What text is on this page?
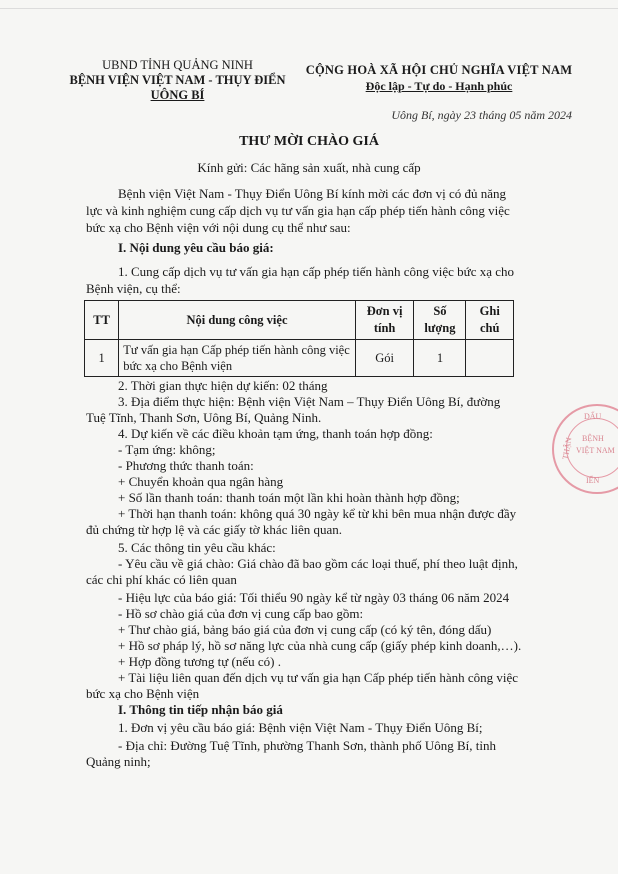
UBND TỈNH QUẢNG NINH
BỆNH VIỆN VIỆT NAM - THỤY ĐIỂN
UÔNG BÍ
CỘNG HOÀ XÃ HỘI CHỦ NGHĨA VIỆT NAM
Độc lập - Tự do - Hạnh phúc
Uông Bí, ngày 23 tháng 05 năm 2024
THƯ MỜI CHÀO GIÁ
Kính gửi: Các hãng sản xuất, nhà cung cấp
Bệnh viện Việt Nam - Thụy Điển Uông Bí kính mời các đơn vị có đủ năng
lực và kinh nghiệm cung cấp dịch vụ tư vấn gia hạn cấp phép tiến hành công việc
bức xạ cho Bệnh viện với nội dung cụ thể như sau:
I. Nội dung yêu cầu báo giá:
1. Cung cấp dịch vụ tư vấn gia hạn cấp phép tiến hành công việc bức xạ cho
Bệnh viện, cụ thể:
TT	Nội dung công việc	Đơn vị tính	Số lượng	Ghi chú
1	Tư vấn gia hạn Cấp phép tiến hành công việc bức xạ cho Bệnh viện	Gói	1	
2. Thời gian thực hiện dự kiến: 02 tháng
3. Địa điểm thực hiện: Bệnh viện Việt Nam – Thụy Điển Uông Bí, đường
Tuệ Tĩnh, Thanh Sơn, Uông Bí, Quảng Ninh.
4. Dự kiến về các điều khoản tạm ứng, thanh toán hợp đồng:
- Tạm ứng: không;
- Phương thức thanh toán:
+ Chuyển khoản qua ngân hàng
+ Số lần thanh toán: thanh toán một lần khi hoàn thành hợp đồng;
+ Thời hạn thanh toán: không quá 30 ngày kể từ khi bên mua nhận được đầy
đủ chứng từ hợp lệ và các giấy tờ khác liên quan.
5. Các thông tin yêu cầu khác:
- Yêu cầu về giá chào: Giá chào đã bao gồm các loại thuế, phí theo luật định,
các chi phí khác có liên quan
- Hiệu lực của báo giá: Tối thiểu 90 ngày kể từ ngày 03 tháng 06 năm 2024
- Hồ sơ chào giá của đơn vị cung cấp bao gồm:
+ Thư chào giá, bảng báo giá của đơn vị cung cấp (có ký tên, đóng dấu)
+ Hồ sơ pháp lý, hồ sơ năng lực của nhà cung cấp (giấy phép kinh doanh,…).
+ Hợp đồng tương tự (nếu có) .
+ Tài liệu liên quan đến dịch vụ tư vấn gia hạn Cấp phép tiến hành công việc
bức xạ cho Bệnh viện
I. Thông tin tiếp nhận báo giá
1. Đơn vị yêu cầu báo giá: Bệnh viện Việt Nam - Thụy Điển Uông Bí;
- Địa chỉ: Đường Tuệ Tĩnh, phường Thanh Sơn, thành phố Uông Bí, tỉnh
Quảng ninh;
DẤU
BỆNH
VIỆT NAM
THẬN
IỂN
